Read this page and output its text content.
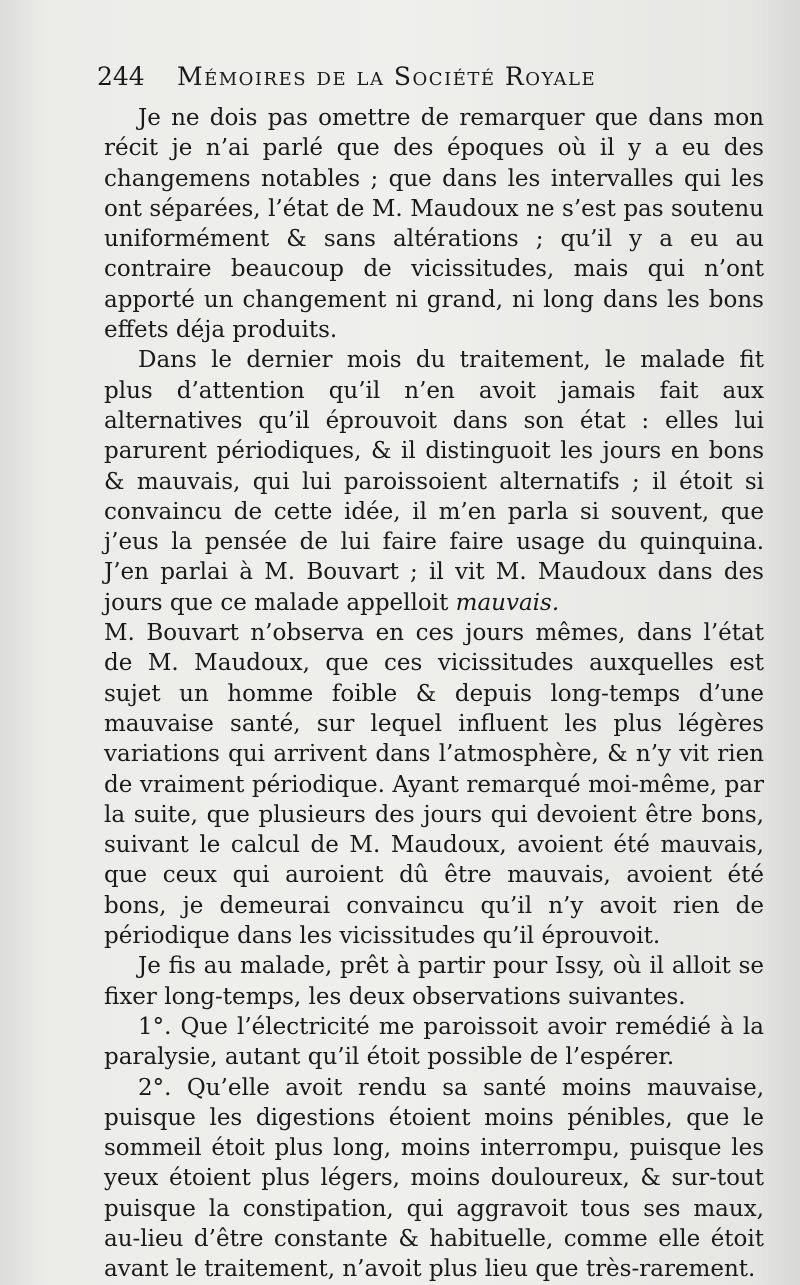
244 Mémoires de la Société Royale

Je ne dois pas omettre de remarquer que dans mon récit je n’ai parlé que des époques où il y a eu des changemens notables ; que dans les intervalles qui les ont séparées, l’état de M. Maudoux ne s’est pas soutenu uniformément & sans altérations ; qu’il y a eu au contraire beaucoup de vicissitudes, mais qui n’ont apporté un changement ni grand, ni long dans les bons effets déja produits.

Dans le dernier mois du traitement, le malade fit plus d’attention qu’il n’en avoit jamais fait aux alternatives qu’il éprouvoit dans son état : elles lui parurent périodiques, & il distinguoit les jours en bons & mauvais, qui lui paroissoient alternatifs ; il étoit si convaincu de cette idée, il m’en parla si souvent, que j’eus la pensée de lui faire faire usage du quinquina. J’en parlai à M. Bouvart ; il vit M. Maudoux dans des jours que ce malade appelloit mauvais.

M. Bouvart n’observa en ces jours mêmes, dans l’état de M. Maudoux, que ces vicissitudes auxquelles est sujet un homme foible & depuis long-temps d’une mauvaise santé, sur lequel influent les plus légères variations qui arrivent dans l’atmosphère, & n’y vit rien de vraiment périodique. Ayant remarqué moi-même, par la suite, que plusieurs des jours qui devoient être bons, suivant le calcul de M. Maudoux, avoient été mauvais, que ceux qui auroient dû être mauvais, avoient été bons, je demeurai convaincu qu’il n’y avoit rien de périodique dans les vicissitudes qu’il éprouvoit.

Je fis au malade, prêt à partir pour Issy, où il alloit se fixer long-temps, les deux observations suivantes.

1°. Que l’électricité me paroissoit avoir remédié à la paralysie, autant qu’il étoit possible de l’espérer.

2°. Qu’elle avoit rendu sa santé moins mauvaise, puisque les digestions étoient moins pénibles, que le sommeil étoit plus long, moins interrompu, puisque les yeux étoient plus légers, moins douloureux, & sur-tout puisque la constipation, qui aggravoit tous ses maux, au-lieu d’être constante & habituelle, comme elle étoit avant le traitement, n’avoit plus lieu que très-rarement.
